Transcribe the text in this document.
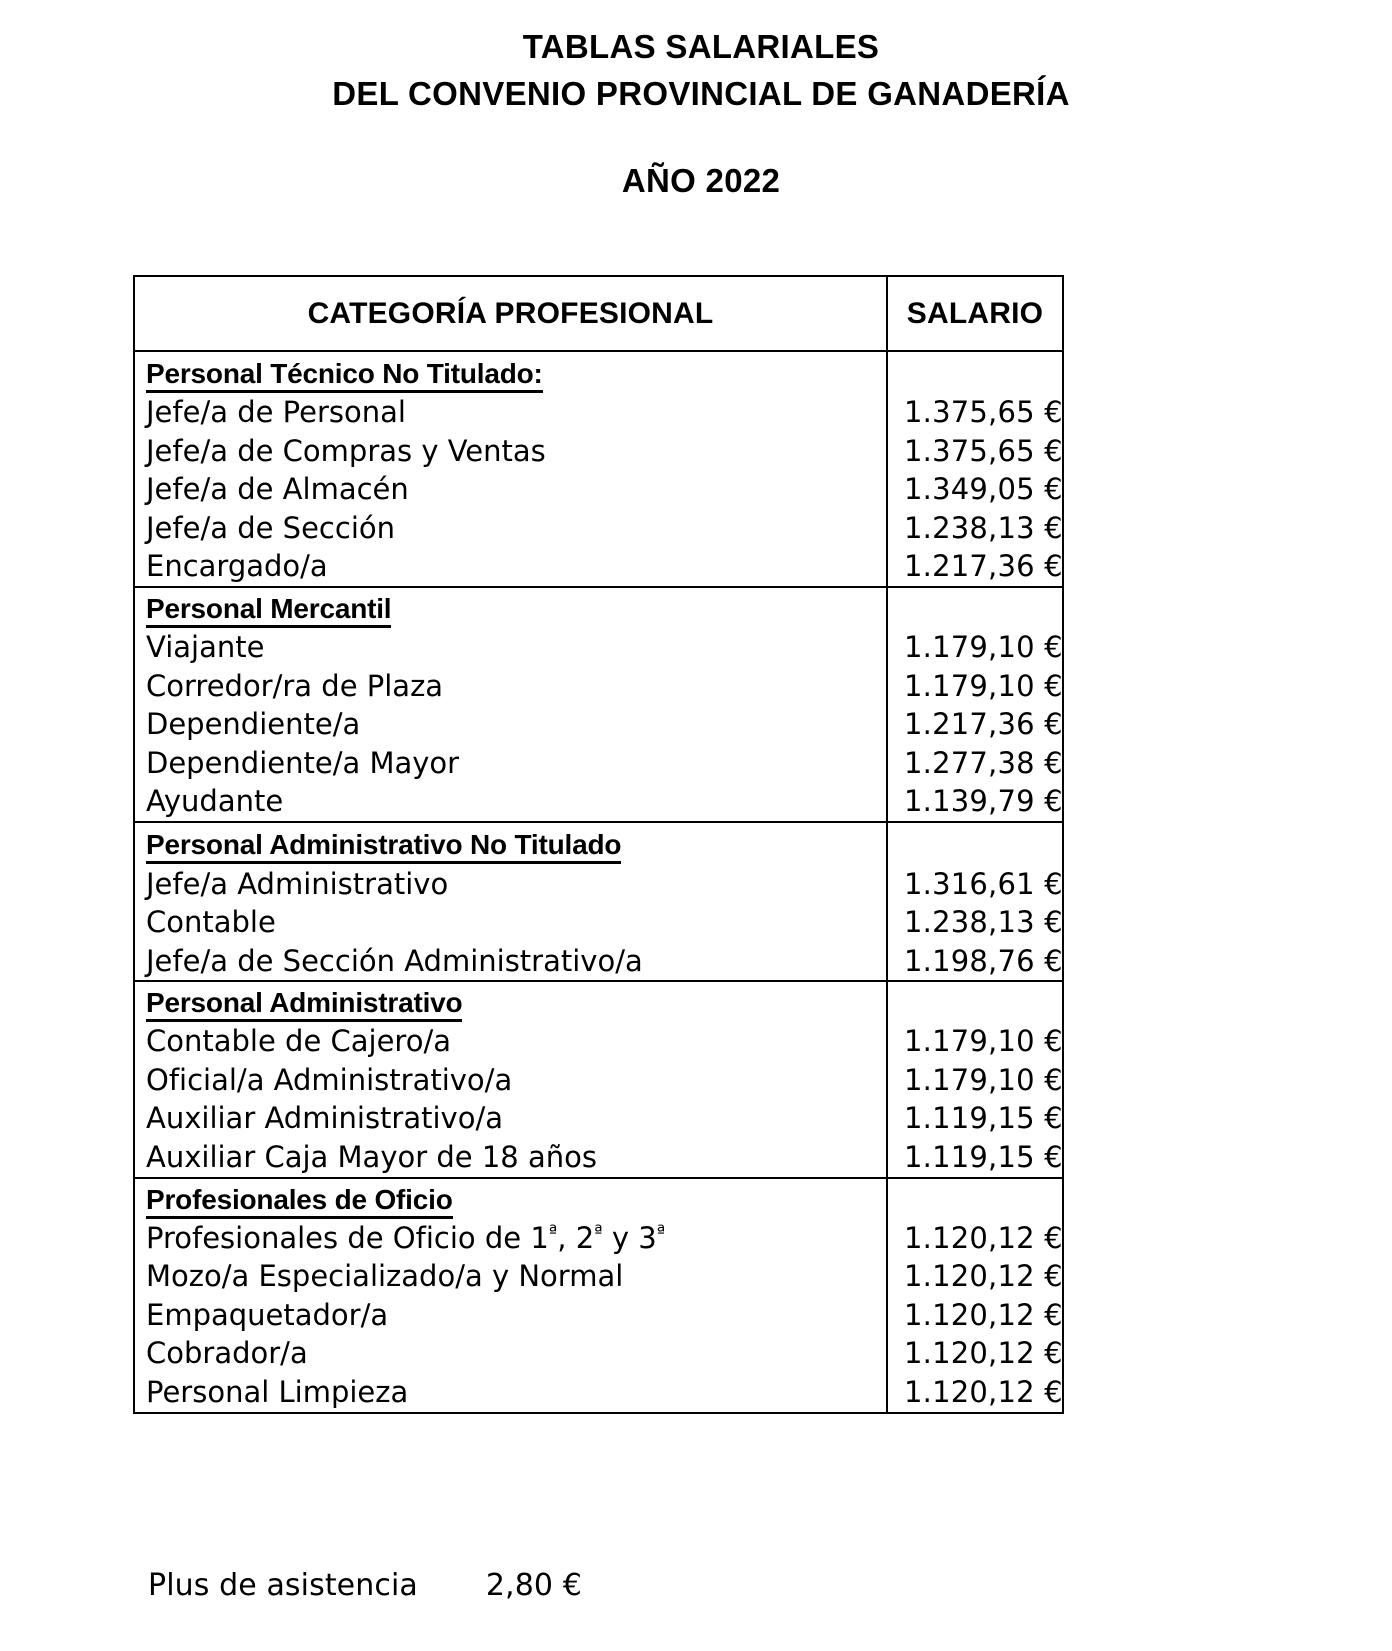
TABLAS SALARIALES
DEL CONVENIO PROVINCIAL DE GANADERÍA
AÑO 2022
CATEGORÍA PROFESIONAL	SALARIO
Personal Técnico No Titulado:	
Jefe/a de Personal	1.375,65 €
Jefe/a de Compras y Ventas	1.375,65 €
Jefe/a de Almacén	1.349,05 €
Jefe/a de Sección	1.238,13 €
Encargado/a	1.217,36 €
Personal Mercantil	
Viajante	1.179,10 €
Corredor/ra de Plaza	1.179,10 €
Dependiente/a	1.217,36 €
Dependiente/a Mayor	1.277,38 €
Ayudante	1.139,79 €
Personal Administrativo No Titulado	
Jefe/a Administrativo	1.316,61 €
Contable	1.238,13 €
Jefe/a de Sección Administrativo/a	1.198,76 €
Personal Administrativo	
Contable de Cajero/a	1.179,10 €
Oficial/a Administrativo/a	1.179,10 €
Auxiliar Administrativo/a	1.119,15 €
Auxiliar Caja Mayor de 18 años	1.119,15 €
Profesionales de Oficio	
Profesionales de Oficio de $1^ª$, $2^ª$ y $3^ª$	1.120,12 €
Mozo/a Especializado/a y Normal	1.120,12 €
Empaquetador/a	1.120,12 €
Cobrador/a	1.120,12 €
Personal Limpieza	1.120,12 €
Plus de asistencia 2,80 €
